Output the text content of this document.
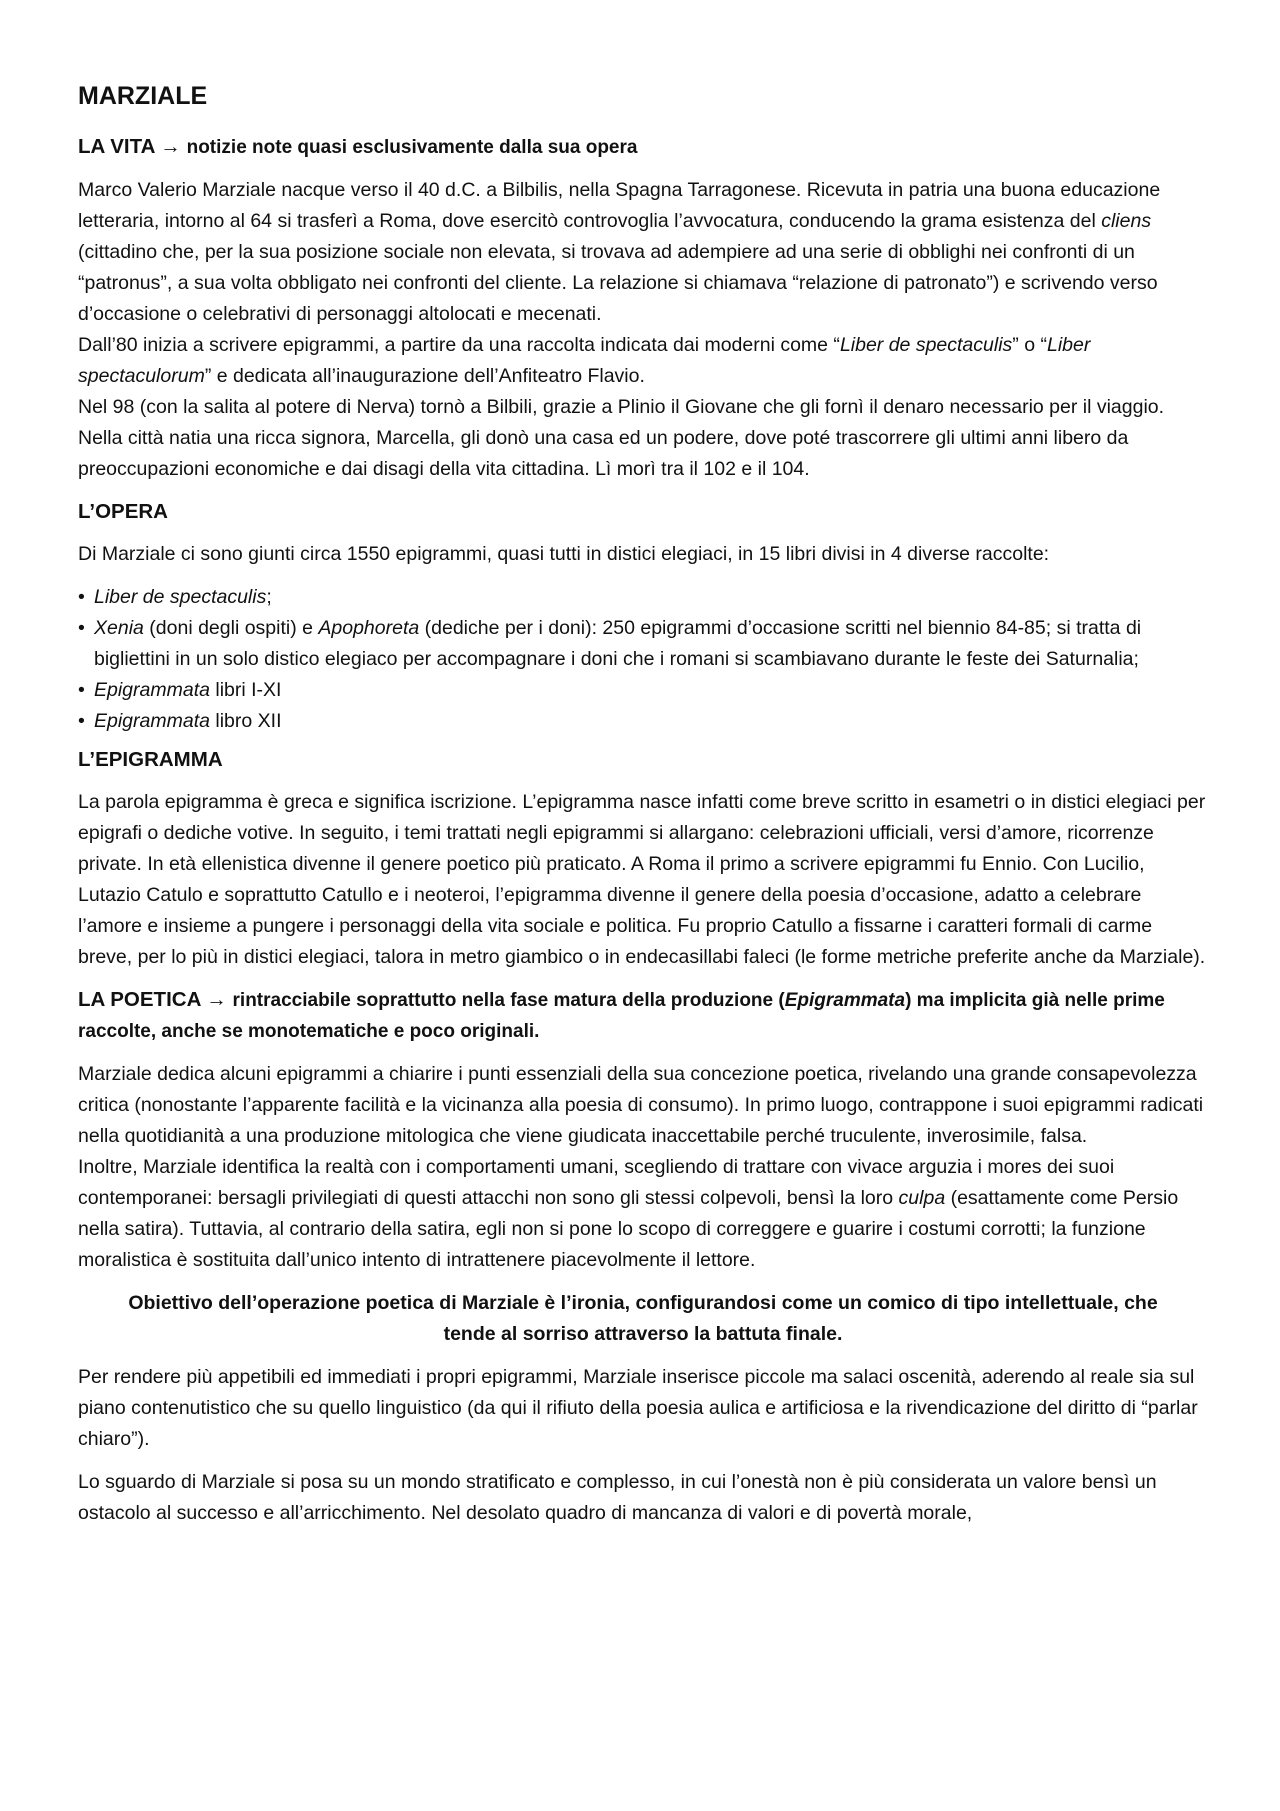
MARZIALE
LA VITA → notizie note quasi esclusivamente dalla sua opera

Marco Valerio Marziale nacque verso il 40 d.C. a Bilbilis, nella Spagna Tarragonese. Ricevuta in patria una buona educazione letteraria, intorno al 64 si trasferì a Roma, dove esercitò controvoglia l’avvocatura, conducendo la grama esistenza del cliens (cittadino che, per la sua posizione sociale non elevata, si trovava ad adempiere ad una serie di obblighi nei confronti di un “patronus”, a sua volta obbligato nei confronti del cliente. La relazione si chiamava “relazione di patronato”) e scrivendo verso d’occasione o celebrativi di personaggi altolocati e mecenati.

Dall’80 inizia a scrivere epigrammi, a partire da una raccolta indicata dai moderni come “Liber de spectaculis” o “Liber spectaculorum” e dedicata all’inaugurazione dell’Anfiteatro Flavio.

Nel 98 (con la salita al potere di Nerva) tornò a Bilbili, grazie a Plinio il Giovane che gli fornì il denaro necessario per il viaggio. Nella città natia una ricca signora, Marcella, gli donò una casa ed un podere, dove poté trascorrere gli ultimi anni libero da preoccupazioni economiche e dai disagi della vita cittadina. Lì morì tra il 102 e il 104.

L’OPERA

Di Marziale ci sono giunti circa 1550 epigrammi, quasi tutti in distici elegiaci, in 15 libri divisi in 4 diverse raccolte:

• Liber de spectaculis;
• Xenia (doni degli ospiti) e Apophoreta (dediche per i doni): 250 epigrammi d’occasione scritti nel biennio 84-85; si tratta di bigliettini in un solo distico elegiaco per accompagnare i doni che i romani si scambiavano durante le feste dei Saturnalia;
• Epigrammata libri I-XI
• Epigrammata libro XII
L’EPIGRAMMA

La parola epigramma è greca e significa iscrizione. L’epigramma nasce infatti come breve scritto in esametri o in distici elegiaci per epigrafi o dediche votive. In seguito, i temi trattati negli epigrammi si allargano: celebrazioni ufficiali, versi d’amore, ricorrenze private. In età ellenistica divenne il genere poetico più praticato. A Roma il primo a scrivere epigrammi fu Ennio. Con Lucilio, Lutazio Catulo e soprattutto Catullo e i neoteroi, l’epigramma divenne il genere della poesia d’occasione, adatto a celebrare l’amore e insieme a pungere i personaggi della vita sociale e politica. Fu proprio Catullo a fissarne i caratteri formali di carme breve, per lo più in distici elegiaci, talora in metro giambico o in endecasillabi faleci (le forme metriche preferite anche da Marziale).

LA POETICA → rintracciabile soprattutto nella fase matura della produzione (Epigrammata) ma implicita già nelle prime raccolte, anche se monotematiche e poco originali.

Marziale dedica alcuni epigrammi a chiarire i punti essenziali della sua concezione poetica, rivelando una grande consapevolezza critica (nonostante l’apparente facilità e la vicinanza alla poesia di consumo). In primo luogo, contrappone i suoi epigrammi radicati nella quotidianità a una produzione mitologica che viene giudicata inaccettabile perché truculente, inverosimile, falsa.

Inoltre, Marziale identifica la realtà con i comportamenti umani, scegliendo di trattare con vivace arguzia i mores dei suoi contemporanei: bersagli privilegiati di questi attacchi non sono gli stessi colpevoli, bensì la loro culpa (esattamente come Persio nella satira). Tuttavia, al contrario della satira, egli non si pone lo scopo di correggere e guarire i costumi corrotti; la funzione moralistica è sostituita dall’unico intento di intrattenere piacevolmente il lettore.

Obiettivo dell’operazione poetica di Marziale è l’ironia, configurandosi come un comico di tipo intellettuale, che tende al sorriso attraverso la battuta finale.

Per rendere più appetibili ed immediati i propri epigrammi, Marziale inserisce piccole ma salaci oscenità, aderendo al reale sia sul piano contenutistico che su quello linguistico (da qui il rifiuto della poesia aulica e artificiosa e la rivendicazione del diritto di “parlar chiaro”).

Lo sguardo di Marziale si posa su un mondo stratificato e complesso, in cui l’onestà non è più considerata un valore bensì un ostacolo al successo e all’arricchimento. Nel desolato quadro di mancanza di valori e di povertà morale,
